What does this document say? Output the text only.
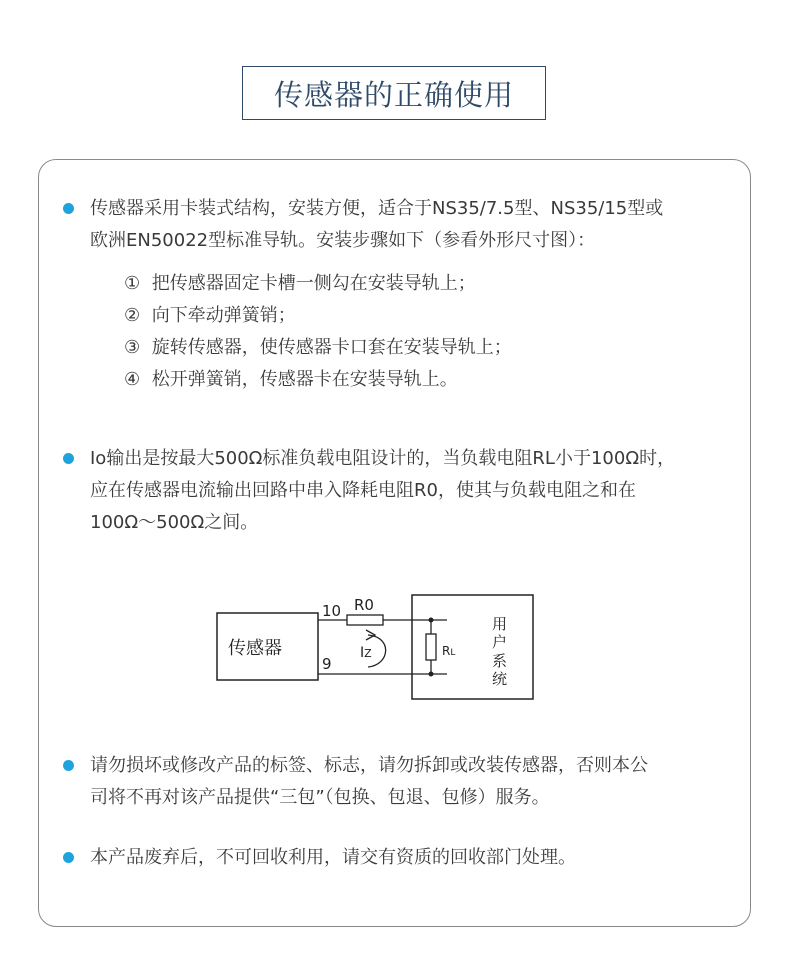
传感器的正确使用
传感器采用卡装式结构，安装方便，适合于NS35/7.5型、NS35/15型或
欧洲EN50022型标准导轨。安装步骤如下（参看外形尺寸图）：
① 把传感器固定卡槽一侧勾在安装导轨上；
② 向下牵动弹簧销；
③ 旋转传感器，使传感器卡口套在安装导轨上；
④ 松开弹簧销，传感器卡在安装导轨上。
Io输出是按最大500Ω标准负载电阻设计的，当负载电阻RL小于100Ω时，
应在传感器电流输出回路中串入降耗电阻R0，使其与负载电阻之和在
100Ω～500Ω之间。
传感器
用
户
系
统
10
9
R0
RL
IZ
请勿损坏或修改产品的标签、标志，请勿拆卸或改装传感器，否则本公
司将不再对该产品提供“三包”（包换、包退、包修）服务。
本产品废弃后，不可回收利用，请交有资质的回收部门处理。
